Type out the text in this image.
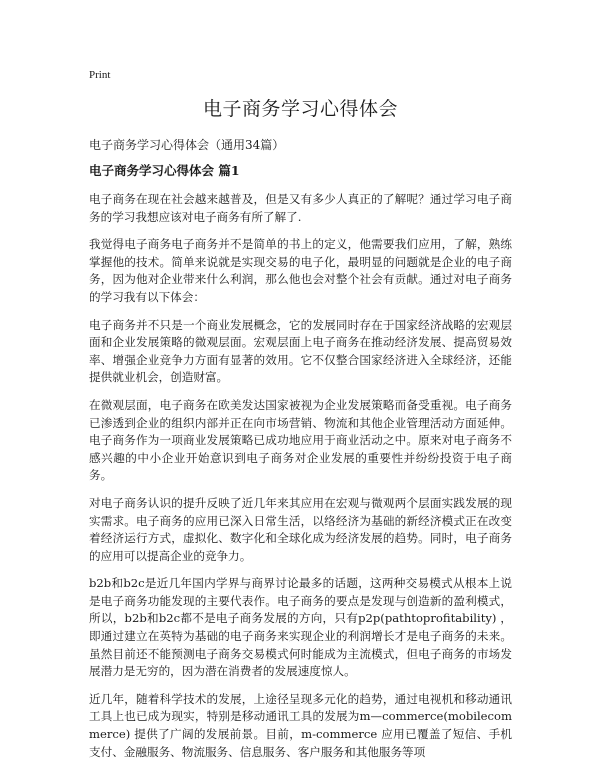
Print
电子商务学习心得体会
电子商务学习心得体会（通用34篇）
电子商务学习心得体会 篇1

电子商务在现在社会越来越普及，但是又有多少人真正的了解呢？通过学习电子商务的学习我想应该对电子商务有所了解了.

我觉得电子商务电子商务并不是简单的书上的定义，他需要我们应用，了解，熟练掌握他的技术。简单来说就是实现交易的电子化，最明显的问题就是企业的电子商务，因为他对企业带来什么利润，那么他也会对整个社会有贡献。通过对电子商务的学习我有以下体会：

电子商务并不只是一个商业发展概念，它的发展同时存在于国家经济战略的宏观层面和企业发展策略的微观层面。宏观层面上电子商务在推动经济发展、提高贸易效率、增强企业竞争力方面有显著的效用。它不仅整合国家经济进入全球经济，还能提供就业机会，创造财富。

在微观层面，电子商务在欧美发达国家被视为企业发展策略而备受重视。电子商务已渗透到企业的组织内部并正在向市场营销、物流和其他企业管理活动方面延伸。电子商务作为一项商业发展策略已成功地应用于商业活动之中。原来对电子商务不感兴趣的中小企业开始意识到电子商务对企业发展的重要性并纷纷投资于电子商务。

对电子商务认识的提升反映了近几年来其应用在宏观与微观两个层面实践发展的现实需求。电子商务的应用已深入日常生活，以络经济为基础的新经济模式正在改变着经济运行方式，虚拟化、数字化和全球化成为经济发展的趋势。同时，电子商务的应用可以提高企业的竞争力。

b2b和b2c是近几年国内学界与商界讨论最多的话题，这两种交易模式从根本上说是电子商务功能发现的主要代表作。电子商务的要点是发现与创造新的盈利模式，所以，b2b和b2c都不是电子商务发展的方向，只有p2p(pathtoprofitability) ，即通过建立在英特为基础的电子商务来实现企业的利润增长才是电子商务的未来。虽然目前还不能预测电子商务交易模式何时能成为主流模式，但电子商务的市场发展潜力是无穷的，因为潜在消费者的发展速度惊人。

近几年，随着科学技术的发展，上途径呈现多元化的趋势，通过电视机和移动通讯工具上也已成为现实，特别是移动通讯工具的发展为m—commerce(mobilecommerce) 提供了广阔的发展前景。目前，m-commerce 应用已覆盖了短信、手机支付、金融服务、物流服务、信息服务、客户服务和其他服务等项
